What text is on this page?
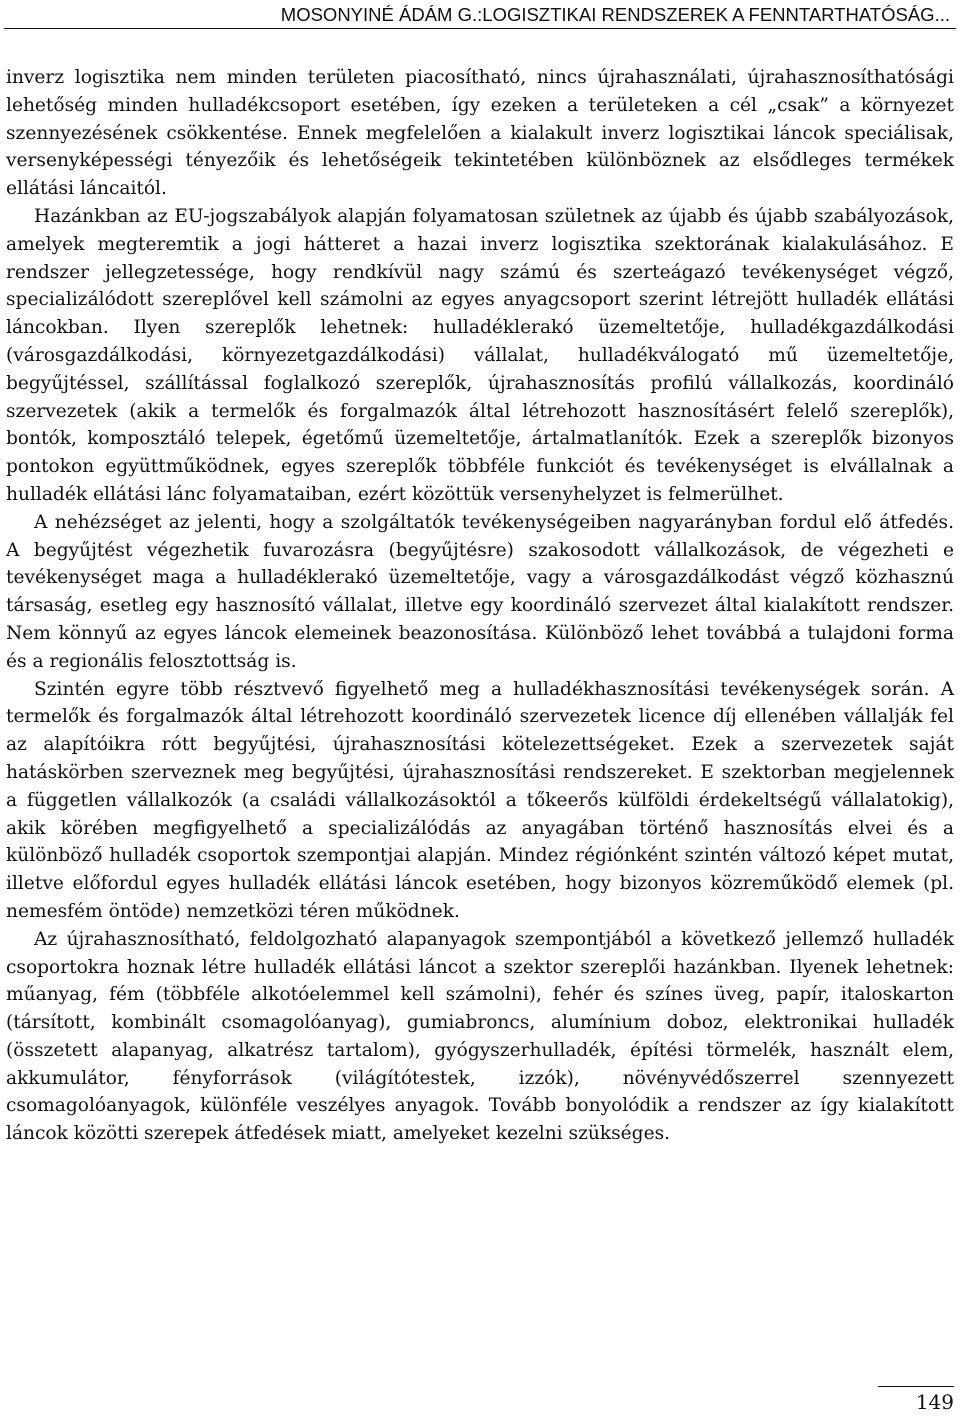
MOSONYINÉ ÁDÁM G.:LOGISZTIKAI RENDSZEREK A FENNTARTHATÓSÁG...

inverz logisztika nem minden területen piacosítható, nincs újrahasználati, újrahasznosíthatósági lehetőség minden hulladékcsoport esetében, így ezeken a területeken a cél „csak” a környezet szennyezésének csökkentése. Ennek megfelelően a kialakult inverz logisztikai láncok speciálisak, versenyképességi tényezőik és lehetőségeik tekintetében különböznek az elsődleges termékek ellátási láncaitól.

Hazánkban az EU-jogszabályok alapján folyamatosan születnek az újabb és újabb szabályozások, amelyek megteremtik a jogi hátteret a hazai inverz logisztika szektorának kialakulásához. E rendszer jellegzetessége, hogy rendkívül nagy számú és szerteágazó tevékenységet végző, specializálódott szereplővel kell számolni az egyes anyagcsoport szerint létrejött hulladék ellátási láncokban. Ilyen szereplők lehetnek: hulladéklerakó üzemeltetője, hulladékgazdálkodási (városgazdálkodási, környezetgazdálkodási) vállalat, hulladékválogató mű üzemeltetője, begyűjtéssel, szállítással foglalkozó szereplők, újrahasznosítás profilú vállalkozás, koordináló szervezetek (akik a termelők és forgalmazók által létrehozott hasznosításért felelő szereplők), bontók, komposztáló telepek, égetőmű üzemeltetője, ártalmatlanítók. Ezek a szereplők bizonyos pontokon együttműködnek, egyes szereplők többféle funkciót és tevékenységet is elvállalnak a hulladék ellátási lánc folyamataiban, ezért közöttük versenyhelyzet is felmerülhet.

A nehézséget az jelenti, hogy a szolgáltatók tevékenységeiben nagyarányban fordul elő átfedés. A begyűjtést végezhetik fuvarozásra (begyűjtésre) szakosodott vállalkozások, de végezheti e tevékenységet maga a hulladéklerakó üzemeltetője, vagy a városgazdálkodást végző közhasznú társaság, esetleg egy hasznosító vállalat, illetve egy koordináló szervezet által kialakított rendszer. Nem könnyű az egyes láncok elemeinek beazonosítása. Különböző lehet továbbá a tulajdoni forma és a regionális felosztottság is.

Szintén egyre több résztvevő figyelhető meg a hulladékhasznosítási tevékenységek során. A termelők és forgalmazók által létrehozott koordináló szervezetek licence díj ellenében vállalják fel az alapítóikra rótt begyűjtési, újrahasznosítási kötelezettségeket. Ezek a szervezetek saját hatáskörben szerveznek meg begyűjtési, újrahasznosítási rendszereket. E szektorban megjelennek a független vállalkozók (a családi vállalkozásoktól a tőkeerős külföldi érdekeltségű vállalatokig), akik körében megfigyelhető a specializálódás az anyagában történő hasznosítás elvei és a különböző hulladék csoportok szempontjai alapján. Mindez régiónként szintén változó képet mutat, illetve előfordul egyes hulladék ellátási láncok esetében, hogy bizonyos közreműködő elemek (pl. nemesfém öntöde) nemzetközi téren működnek.

Az újrahasznosítható, feldolgozható alapanyagok szempontjából a következő jellemző hulladék csoportokra hoznak létre hulladék ellátási láncot a szektor szereplői hazánkban. Ilyenek lehetnek: műanyag, fém (többféle alkotóelemmel kell számolni), fehér és színes üveg, papír, italoskarton (társított, kombinált csomagolóanyag), gumiabroncs, alumínium doboz, elektronikai hulladék (összetett alapanyag, alkatrész tartalom), gyógyszerhulladék, építési törmelék, használt elem, akkumulátor, fényforrások (világítótestek, izzók), növényvédőszerrel szennyezett csomagolóanyagok, különféle veszélyes anyagok. Tovább bonyolódik a rendszer az így kialakított láncok közötti szerepek átfedések miatt, amelyeket kezelni szükséges.

149
